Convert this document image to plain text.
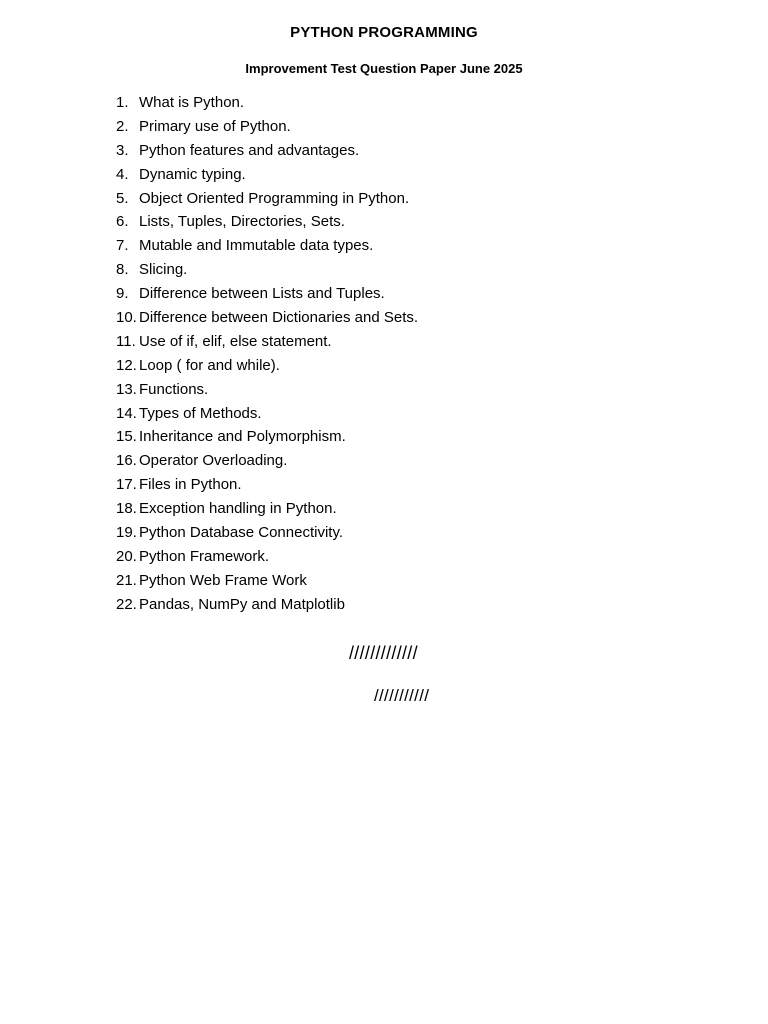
PYTHON PROGRAMMING
Improvement Test Question Paper June 2025
1. What is Python.
2. Primary use of Python.
3. Python features and advantages.
4. Dynamic typing.
5. Object Oriented Programming in Python.
6. Lists, Tuples, Directories, Sets.
7. Mutable and Immutable data types.
8. Slicing.
9. Difference between Lists and Tuples.
10. Difference between Dictionaries and Sets.
11. Use of if, elif, else statement.
12. Loop ( for and while).
13. Functions.
14. Types of Methods.
15. Inheritance and Polymorphism.
16. Operator Overloading.
17. Files in Python.
18. Exception handling in Python.
19. Python Database Connectivity.
20. Python Framework.
21. Python Web Frame Work
22. Pandas, NumPy and Matplotlib
/////////////
///////////
